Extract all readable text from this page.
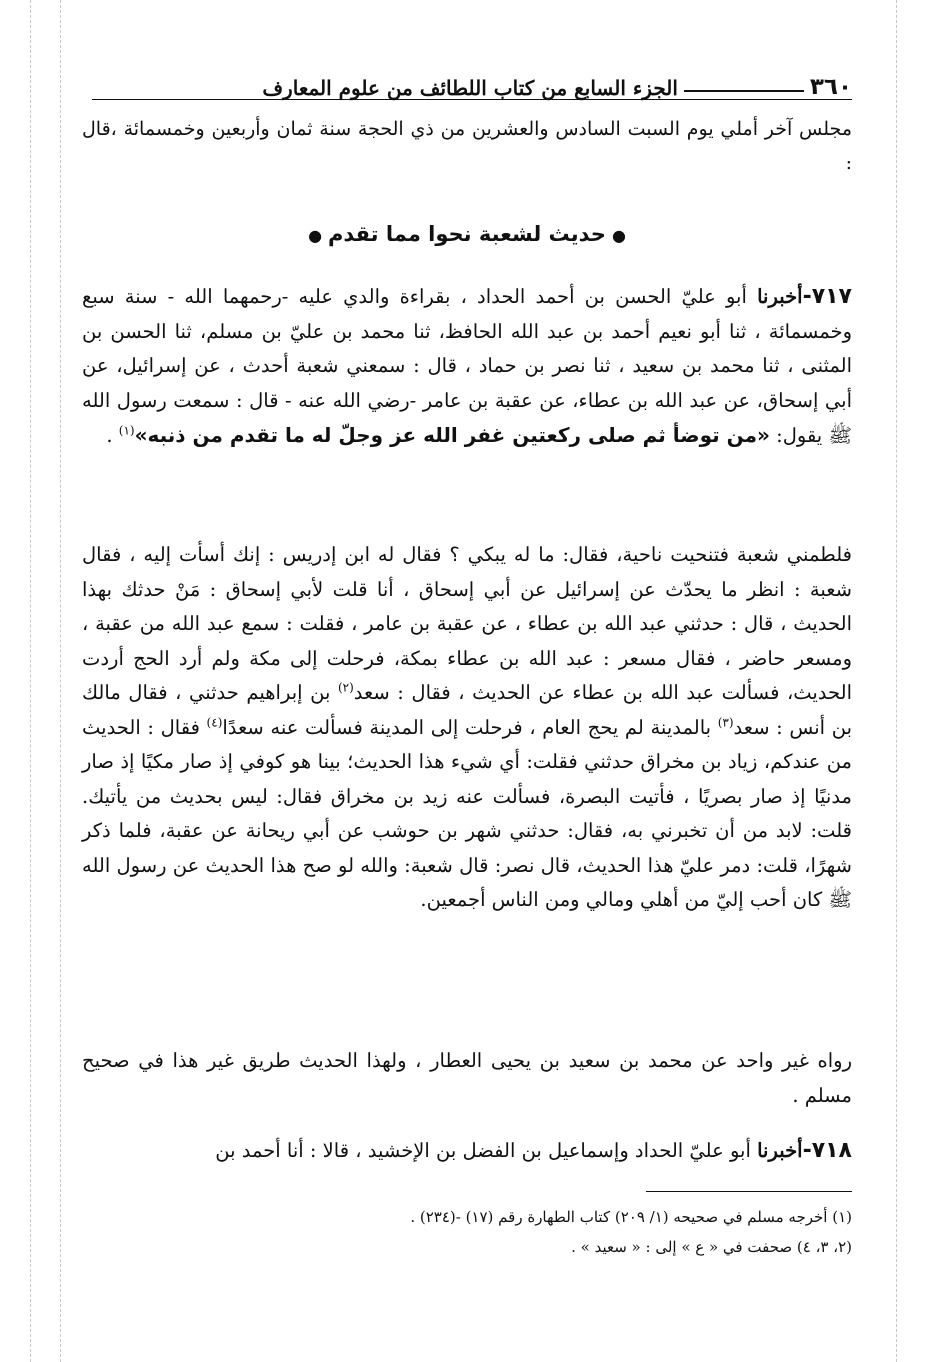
٣٦٠
الجزء السابع من كتاب اللطائف من علوم المعارف
مجلس آخر أملي يوم السبت السادس والعشرين من ذي الحجة سنة ثمان وأربعين وخمسمائة ،قال :
●حديث لشعبة نحوا مما تقدم●
٧١٧-أخبرنا أبو عليّ الحسن بن أحمد الحداد ، بقراءة والدي عليه -رحمهما الله - سنة سبع وخمسمائة ، ثنا أبو نعيم أحمد بن عبد الله الحافظ، ثنا محمد بن عليّ بن مسلم، ثنا الحسن بن المثنى ، ثنا محمد بن سعيد ، ثنا نصر بن حماد ، قال : سمعني شعبة أحدث ، عن إسرائيل، عن أبي إسحاق، عن عبد الله بن عطاء، عن عقبة بن عامر -رضي الله عنه - قال : سمعت رسول الله ﷺ يقول: «من توضأ ثم صلى ركعتين غفر الله عز وجلّ له ما تقدم من ذنبه»$^{(١)}$ .
فلطمني شعبة فتنحيت ناحية، فقال: ما له يبكي ؟ فقال له ابن إدريس : إنك أسأت إليه ، فقال شعبة : انظر ما يحدّث عن إسرائيل عن أبي إسحاق ، أنا قلت لأبي إسحاق : مَنْ حدثك بهذا الحديث ، قال : حدثني عبد الله بن عطاء ، عن عقبة بن عامر ، فقلت : سمع عبد الله من عقبة ، ومسعر حاضر ، فقال مسعر : عبد الله بن عطاء بمكة، فرحلت إلى مكة ولم أرد الحج أردت الحديث، فسألت عبد الله بن عطاء عن الحديث ، فقال : سعد$^{(٢)}$ بن إبراهيم حدثني ، فقال مالك بن أنس : سعد$^{(٣)}$ بالمدينة لم يحج العام ، فرحلت إلى المدينة فسألت عنه سعدًا$^{(٤)}$ فقال : الحديث من عندكم، زياد بن مخراق حدثني فقلت: أي شيء هذا الحديث؛ بينا هو كوفي إذ صار مكيًا إذ صار مدنيًا إذ صار بصريًا ، فأتيت البصرة، فسألت عنه زيد بن مخراق فقال: ليس بحديث من يأتيك. قلت: لابد من أن تخبرني به، فقال: حدثني شهر بن حوشب عن أبي ريحانة عن عقبة، فلما ذكر شهرًا، قلت: دمر عليّ هذا الحديث، قال نصر: قال شعبة: والله لو صح هذا الحديث عن رسول الله ﷺ كان أحب إليّ من أهلي ومالي ومن الناس أجمعين.
رواه غير واحد عن محمد بن سعيد بن يحيى العطار ، ولهذا الحديث طريق غير هذا في صحيح مسلم .
٧١٨-أخبرنا أبو عليّ الحداد وإسماعيل بن الفضل بن الإخشيد ، قالا : أنا أحمد بن
(١) أخرجه مسلم في صحيحه (١/ ٢٠٩) كتاب الطهارة رقم (١٧) -(٢٣٤) .
(٢، ٣، ٤) صحفت في « ع » إلى : « سعيد » .
